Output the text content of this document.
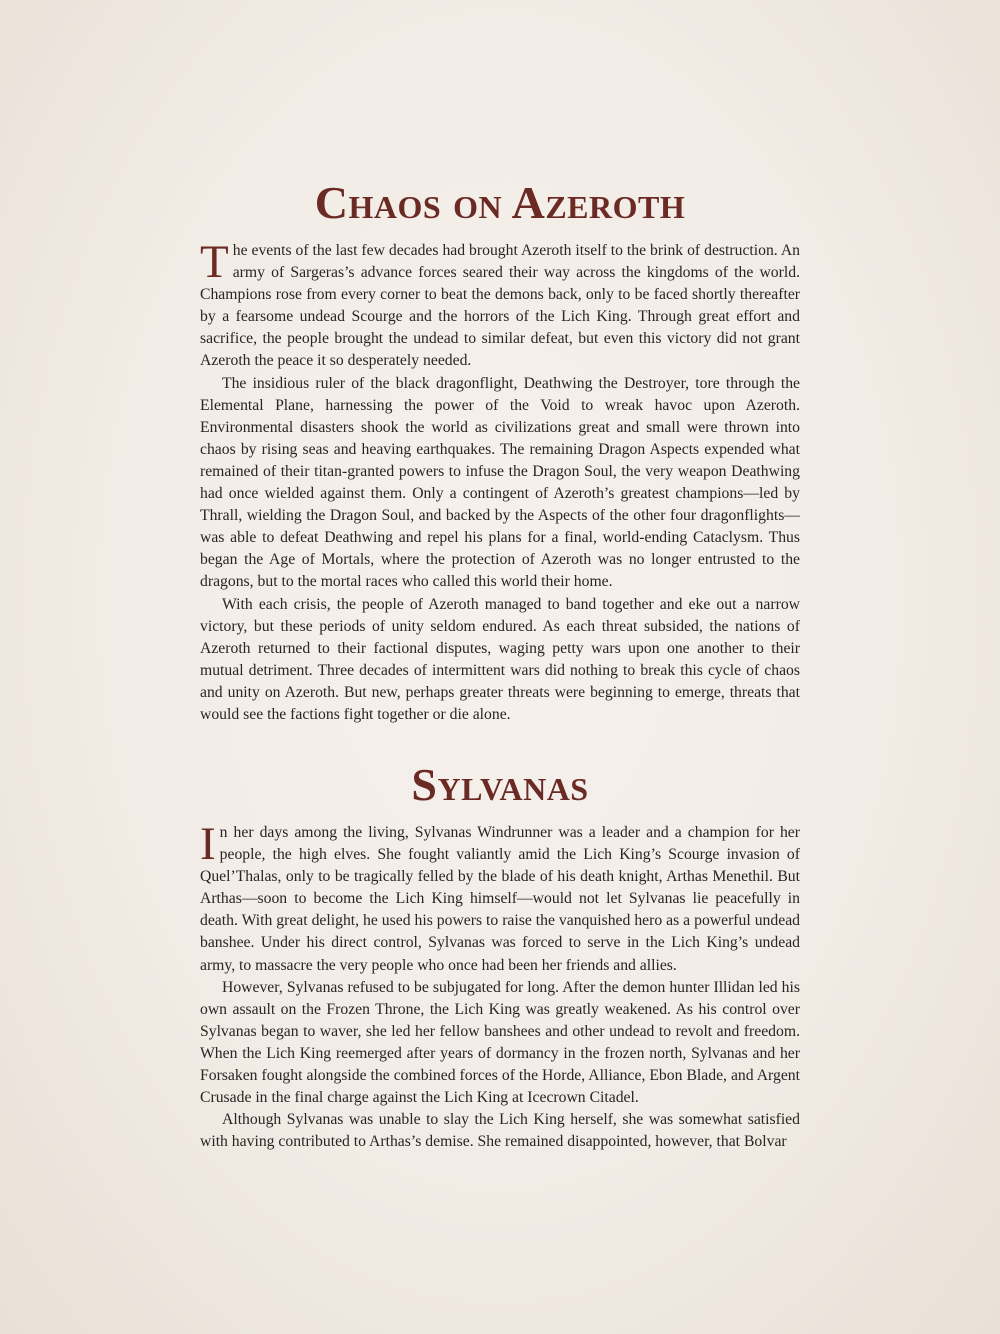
Chaos on Azeroth

The events of the last few decades had brought Azeroth itself to the brink of destruction. An army of Sargeras’s advance forces seared their way across the kingdoms of the world. Champions rose from every corner to beat the demons back, only to be faced shortly thereafter by a fearsome undead Scourge and the horrors of the Lich King. Through great effort and sacrifice, the people brought the undead to similar defeat, but even this victory did not grant Azeroth the peace it so desperately needed.

The insidious ruler of the black dragonflight, Deathwing the Destroyer, tore through the Elemental Plane, harnessing the power of the Void to wreak havoc upon Azeroth. Environmental disasters shook the world as civilizations great and small were thrown into chaos by rising seas and heaving earthquakes. The remaining Dragon Aspects expended what remained of their titan-granted powers to infuse the Dragon Soul, the very weapon Deathwing had once wielded against them. Only a contingent of Azeroth’s greatest champions—led by Thrall, wielding the Dragon Soul, and backed by the Aspects of the other four dragonflights—was able to defeat Deathwing and repel his plans for a final, world-ending Cataclysm. Thus began the Age of Mortals, where the protection of Azeroth was no longer entrusted to the dragons, but to the mortal races who called this world their home.

With each crisis, the people of Azeroth managed to band together and eke out a narrow victory, but these periods of unity seldom endured. As each threat subsided, the nations of Azeroth returned to their factional disputes, waging petty wars upon one another to their mutual detriment. Three decades of intermittent wars did nothing to break this cycle of chaos and unity on Azeroth. But new, perhaps greater threats were beginning to emerge, threats that would see the factions fight together or die alone.

Sylvanas

In her days among the living, Sylvanas Windrunner was a leader and a champion for her people, the high elves. She fought valiantly amid the Lich King’s Scourge invasion of Quel’Thalas, only to be tragically felled by the blade of his death knight, Arthas Menethil. But Arthas—soon to become the Lich King himself—would not let Sylvanas lie peacefully in death. With great delight, he used his powers to raise the vanquished hero as a powerful undead banshee. Under his direct control, Sylvanas was forced to serve in the Lich King’s undead army, to massacre the very people who once had been her friends and allies.

However, Sylvanas refused to be subjugated for long. After the demon hunter Illidan led his own assault on the Frozen Throne, the Lich King was greatly weakened. As his control over Sylvanas began to waver, she led her fellow banshees and other undead to revolt and freedom. When the Lich King reemerged after years of dormancy in the frozen north, Sylvanas and her Forsaken fought alongside the combined forces of the Horde, Alliance, Ebon Blade, and Argent Crusade in the final charge against the Lich King at Icecrown Citadel.

Although Sylvanas was unable to slay the Lich King herself, she was somewhat satisfied with having contributed to Arthas’s demise. She remained disappointed, however, that Bolvar
